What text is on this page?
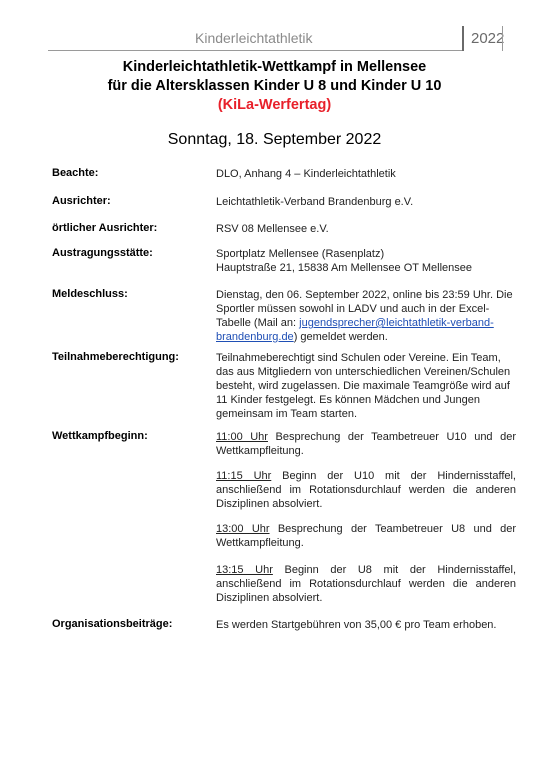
Kinderleichtathletik	2022
Kinderleichtathletik-Wettkampf in Mellensee
für die Altersklassen Kinder U 8 und Kinder U 10
(KiLa-Werfertag)
Sonntag, 18. September 2022
Beachte:	DLO, Anhang 4 – Kinderleichtathletik
Ausrichter:	Leichtathletik-Verband Brandenburg e.V.
örtlicher Ausrichter:	RSV 08 Mellensee e.V.
Austragungsstätte:	Sportplatz Mellensee (Rasenplatz)
Hauptstraße 21, 15838 Am Mellensee OT Mellensee
Meldeschluss:	Dienstag, den 06. September 2022, online bis 23:59 Uhr. Die Sportler müssen sowohl in LADV und auch in der Excel-Tabelle (Mail an: jugendsprecher@leichtathletik-verband-brandenburg.de) gemeldet werden.
Teilnahmeberechtigung:	Teilnahmeberechtigt sind Schulen oder Vereine. Ein Team, das aus Mitgliedern von unterschiedlichen Vereinen/Schulen besteht, wird zugelassen. Die maximale Teamgröße wird auf 11 Kinder festgelegt. Es können Mädchen und Jungen gemeinsam im Team starten.
Wettkampfbeginn:	11:00 Uhr Besprechung der Teambetreuer U10 und der Wettkampfleitung.
11:15 Uhr Beginn der U10 mit der Hindernisstaffel, anschließend im Rotationsdurchlauf werden die anderen Disziplinen absolviert.
13:00 Uhr Besprechung der Teambetreuer U8 und der Wettkampfleitung.
13:15 Uhr Beginn der U8 mit der Hindernisstaffel, anschließend im Rotationsdurchlauf werden die anderen Disziplinen absolviert.
Organisationsbeiträge:	Es werden Startgebühren von 35,00 € pro Team erhoben.
